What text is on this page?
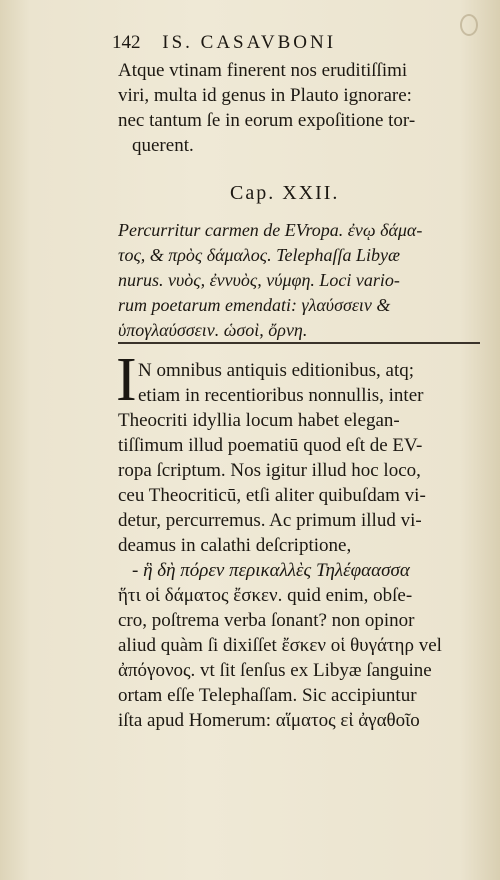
142 IS. CASAVBONI
Atque vtinam finerent nos eruditiſſimi
viri, multa id genus in Plauto ignorare:
nec tantum ſe in eorum expoſitione tor-
querent.
Cap. XXII.
Percurritur carmen de EVropa. ἐνῳ δάμα-
τος, & πρὸς δάμαλος. Telephaſſa Libyæ
nurus. νυὸς, ἐννυὸς, νύμφη. Loci vario-
rum poetarum emendati: γλαύσσειν &
ὑπογλαύσσειν. ὡσοὶ, ὄρνη.
I N omnibus antiquis editionibus, atq;
etiam in recentioribus nonnullis, inter
Theocriti idyllia locum habet elegan-
tiſſimum illud poematiū quod eſt de EV-
ropa ſcriptum. Nos igitur illud hoc loco,
ceu Theocriticū, etſi aliter quibuſdam vi-
detur, percurremus. Ac primum illud vi-
deamus in calathi deſcriptione,
- ἣ δὴ πόρεν περικαλλὲς Τηλέφαασσα
ἥτι οἱ δάματος ἔσκεν. quid enim, obſe-
cro, poſtrema verba ſonant? non opinor
aliud quàm ſi dixiſſet ἔσκεν οἱ θυγάτηρ vel
ἀπόγονος. vt ſit ſenſus ex Libyæ ſanguine
ortam eſſe Telephaſſam. Sic accipiuntur
iſta apud Homerum: αἵματος εἰ ἀγαθοῖο
